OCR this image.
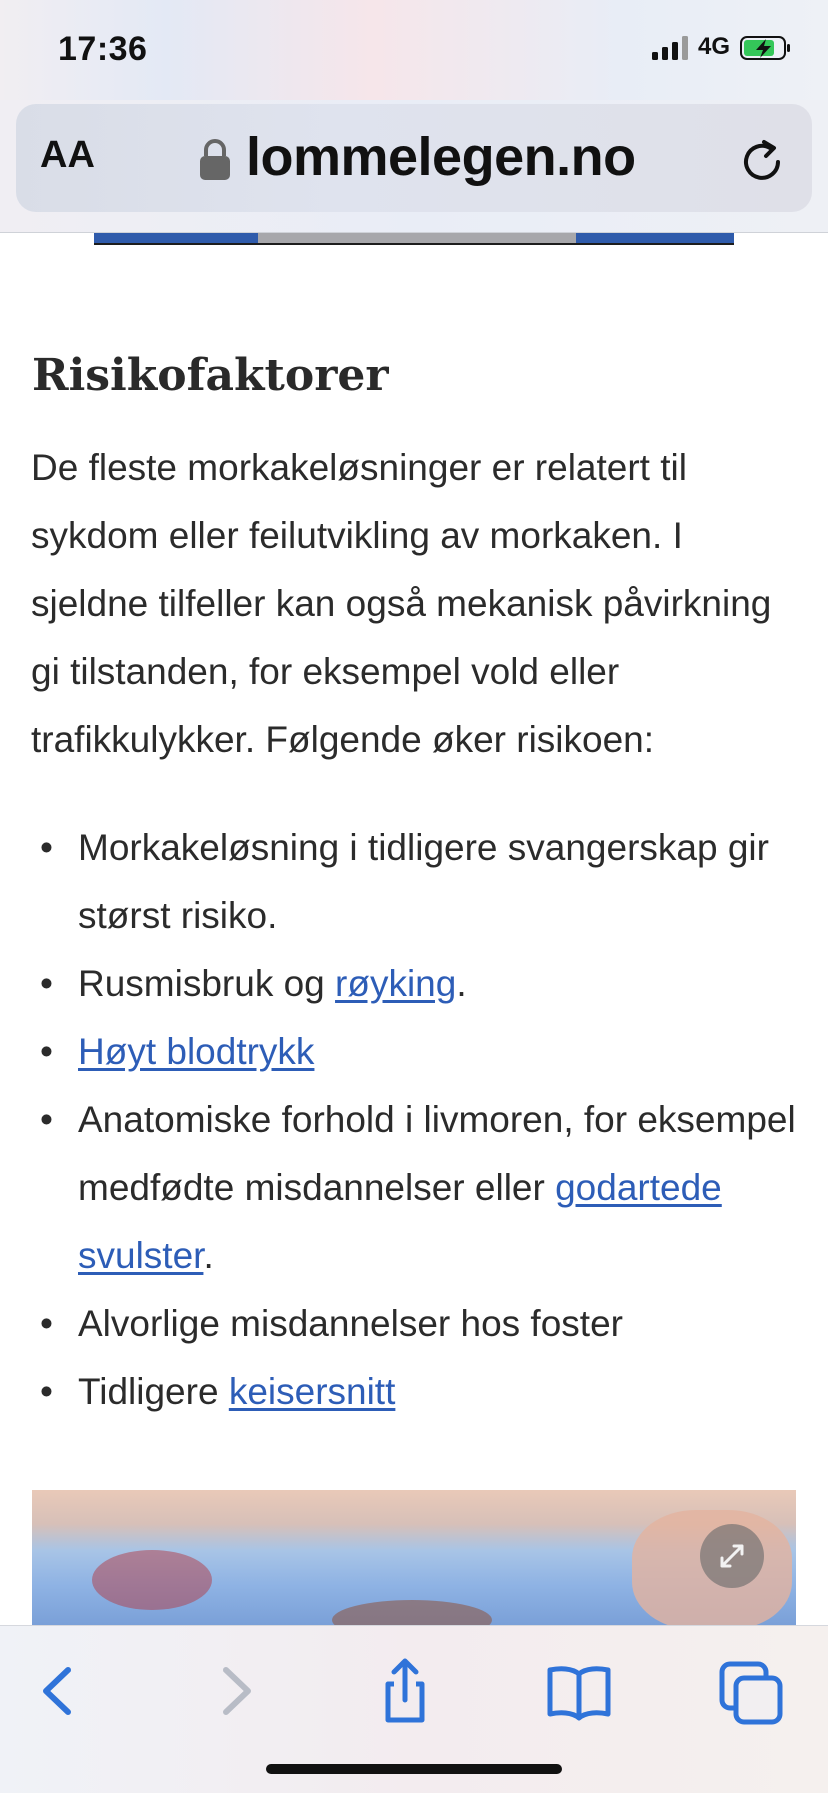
17:36	4G
AA	lommelegen.no
Risikofaktorer
De fleste morkakeløsninger er relatert til sykdom eller feilutvikling av morkaken. I sjeldne tilfeller kan også mekanisk påvirkning gi tilstanden, for eksempel vold eller trafikkulykker. Følgende øker risikoen:
• Morkakeløsning i tidligere svangerskap gir størst risiko.
• Rusmisbruk og røyking.
• Høyt blodtrykk
• Anatomiske forhold i livmoren, for eksempel medfødte misdannelser eller godartede svulster.
• Alvorlige misdannelser hos foster
• Tidligere keisersnitt
